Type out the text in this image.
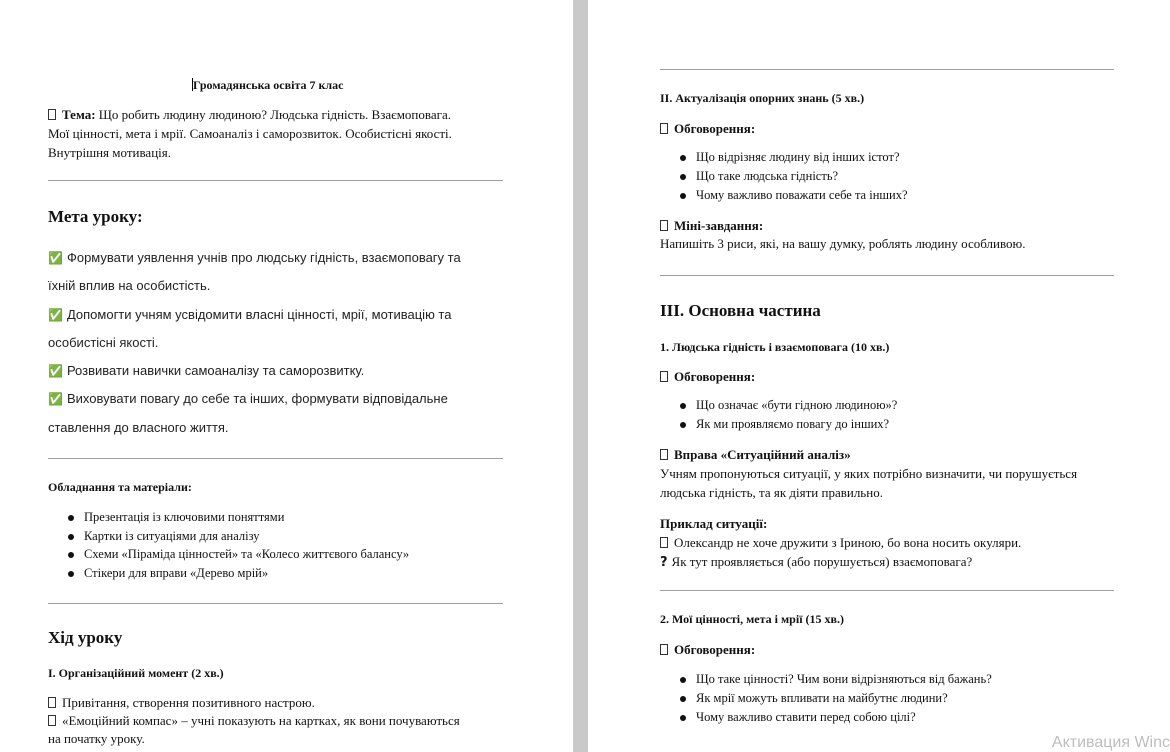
Громадянська освіта 7 клас
Тема: Що робить людину людиною? Людська гідність. Взаємоповага.
Мої цінності, мета і мрії. Самоаналіз і саморозвиток. Особистісні якості.
Внутрішня мотивація.
Мета уроку:
✅ Формувати уявлення учнів про людську гідність, взаємоповагу та
їхній вплив на особистість.
✅ Допомогти учням усвідомити власні цінності, мрії, мотивацію та
особистісні якості.
✅ Розвивати навички самоаналізу та саморозвитку.
✅ Виховувати повагу до себе та інших, формувати відповідальне
ставлення до власного життя.
Обладнання та матеріали:
Презентація із ключовими поняттями
Картки із ситуаціями для аналізу
Схеми «Піраміда цінностей» та «Колесо життєвого балансу»
Стікери для вправи «Дерево мрій»
Хід уроку
І. Організаційний момент (2 хв.)
Привітання, створення позитивного настрою.
«Емоційний компас» – учні показують на картках, як вони почуваються
на початку уроку.
ІІ. Актуалізація опорних знань (5 хв.)
Обговорення:
Що відрізняє людину від інших істот?
Що таке людська гідність?
Чому важливо поважати себе та інших?
Міні-завдання:
Напишіть 3 риси, які, на вашу думку, роблять людину особливою.
ІІІ. Основна частина
1. Людська гідність і взаємоповага (10 хв.)
Обговорення:
Що означає «бути гідною людиною»?
Як ми проявляємо повагу до інших?
Вправа «Ситуаційний аналіз»
Учням пропонуються ситуації, у яких потрібно визначити, чи порушується
людська гідність, та як діяти правильно.
Приклад ситуації:
Олександр не хоче дружити з Іриною, бо вона носить окуляри.
? Як тут проявляється (або порушується) взаємоповага?
2. Мої цінності, мета і мрії (15 хв.)
Обговорення:
Що таке цінності? Чим вони відрізняються від бажань?
Як мрії можуть впливати на майбутнє людини?
Чому важливо ставити перед собою цілі?
Активация Winc
